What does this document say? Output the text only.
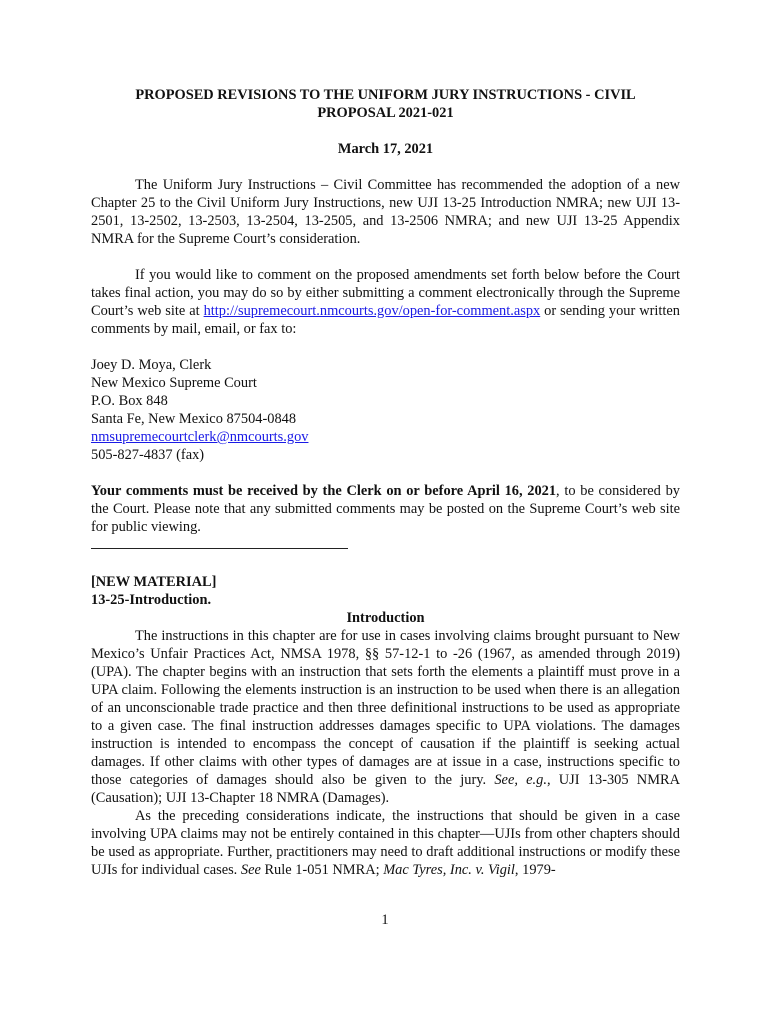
PROPOSED REVISIONS TO THE UNIFORM JURY INSTRUCTIONS - CIVIL
PROPOSAL 2021-021
March 17, 2021

The Uniform Jury Instructions – Civil Committee has recommended the adoption of a new Chapter 25 to the Civil Uniform Jury Instructions, new UJI 13-25 Introduction NMRA; new UJI 13-2501, 13-2502, 13-2503, 13-2504, 13-2505, and 13-2506 NMRA; and new UJI 13-25 Appendix NMRA for the Supreme Court’s consideration.

If you would like to comment on the proposed amendments set forth below before the Court takes final action, you may do so by either submitting a comment electronically through the Supreme Court’s web site at http://supremecourt.nmcourts.gov/open-for-comment.aspx or sending your written comments by mail, email, or fax to:

Joey D. Moya, Clerk
New Mexico Supreme Court
P.O. Box 848
Santa Fe, New Mexico 87504-0848
nmsupremecourtclerk@nmcourts.gov
505-827-4837 (fax)

Your comments must be received by the Clerk on or before April 16, 2021, to be considered by the Court. Please note that any submitted comments may be posted on the Supreme Court’s web site for public viewing.

[NEW MATERIAL]
13-25-Introduction.
Introduction

The instructions in this chapter are for use in cases involving claims brought pursuant to New Mexico’s Unfair Practices Act, NMSA 1978, §§ 57-12-1 to -26 (1967, as amended through 2019) (UPA). The chapter begins with an instruction that sets forth the elements a plaintiff must prove in a UPA claim. Following the elements instruction is an instruction to be used when there is an allegation of an unconscionable trade practice and then three definitional instructions to be used as appropriate to a given case. The final instruction addresses damages specific to UPA violations. The damages instruction is intended to encompass the concept of causation if the plaintiff is seeking actual damages. If other claims with other types of damages are at issue in a case, instructions specific to those categories of damages should also be given to the jury. See, e.g., UJI 13-305 NMRA (Causation); UJI 13-Chapter 18 NMRA (Damages).

As the preceding considerations indicate, the instructions that should be given in a case involving UPA claims may not be entirely contained in this chapter—UJIs from other chapters should be used as appropriate. Further, practitioners may need to draft additional instructions or modify these UJIs for individual cases. See Rule 1-051 NMRA; Mac Tyres, Inc. v. Vigil, 1979-

1
